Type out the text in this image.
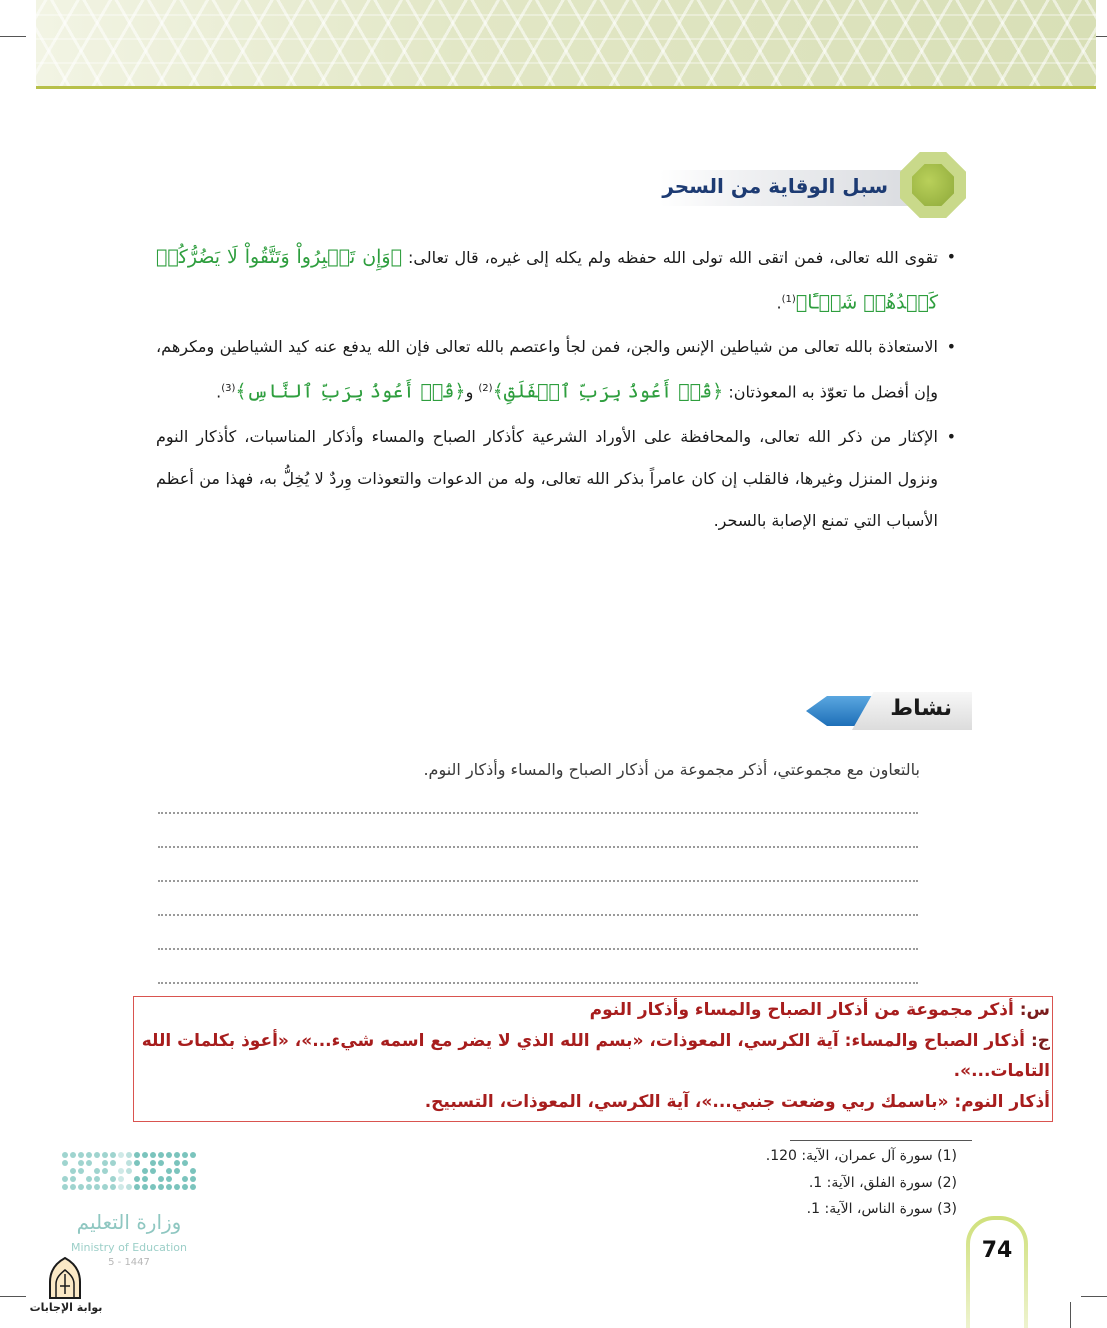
سبل الوقاية من السحر

•
تقوى الله تعالى، فمن اتقى الله تولى الله حفظه ولم يكله إلى غيره، قال تعالى: ﴿وَإِن تَصۡبِرُواْ وَتَتَّقُواْ لَا يَضُرُّكُمۡ كَيۡدُهُمۡ شَيۡـًٔا﴾$^{(1)}$.

•
الاستعاذة بالله تعالى من شياطين الإنس والجن، فمن لجأ واعتصم بالله تعالى فإن الله يدفع عنه كيد الشياطين ومكرهم، وإن أفضل ما تعوّذ به المعوذتان: ﴿قُلۡ أَعُوذُ بِرَبِّ ٱلۡفَلَقِ﴾$^{(2)}$ و﴿قُلۡ أَعُوذُ بِرَبِّ ٱلنَّاسِ﴾$^{(3)}$.

•
الإكثار من ذكر الله تعالى، والمحافظة على الأوراد الشرعية كأذكار الصباح والمساء وأذكار المناسبات، كأذكار النوم ونزول المنزل وغيرها، فالقلب إن كان عامراً بذكر الله تعالى، وله من الدعوات والتعوذات وِردٌ لا يُخِلُّ به، فهذا من أعظم الأسباب التي تمنع الإصابة بالسحر.

نشاط
بالتعاون مع مجموعتي، أذكر مجموعة من أذكار الصباح والمساء وأذكار النوم.
س: أذكر مجموعة من أذكار الصباح والمساء وأذكار النوم
ج: أذكار الصباح والمساء: آية الكرسي، المعوذات، «بسم الله الذي لا يضر مع اسمه شيء...»، «أعوذ بكلمات الله
التامات...».
أذكار النوم: «باسمك ربي وضعت جنبي...»، آية الكرسي، المعوذات، التسبيح.
(1) سورة آل عمران، الآية: 120.
(2) سورة الفلق، الآية: 1.
(3) سورة الناس، الآية: 1.
74
وزارة التعليم
Ministry of Education
5 - 1447
بوابة الإجابات
